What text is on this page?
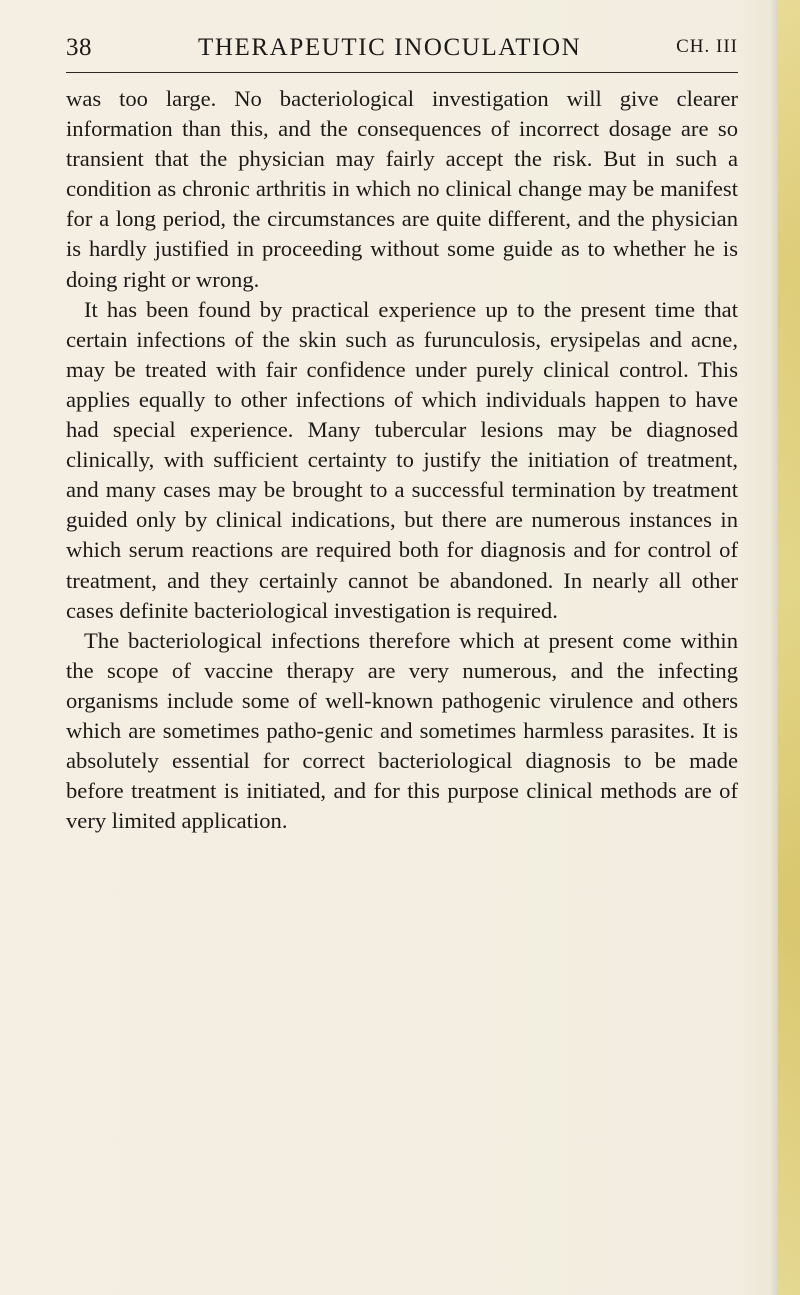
38	THERAPEUTIC INOCULATION	CH. III

was too large. No bacteriological investigation will give clearer information than this, and the consequences of incorrect dosage are so transient that the physician may fairly accept the risk. But in such a condition as chronic arthritis in which no clinical change may be manifest for a long period, the circumstances are quite different, and the physician is hardly justified in proceeding without some guide as to whether he is doing right or wrong.

It has been found by practical experience up to the present time that certain infections of the skin such as furunculosis, erysipelas and acne, may be treated with fair confidence under purely clinical control. This applies equally to other infections of which individuals happen to have had special experience. Many tubercular lesions may be diagnosed clinically, with sufficient certainty to justify the initiation of treatment, and many cases may be brought to a successful termination by treatment guided only by clinical indications, but there are numerous instances in which serum reactions are required both for diagnosis and for control of treatment, and they certainly cannot be abandoned. In nearly all other cases definite bacteriological investigation is required.

The bacteriological infections therefore which at present come within the scope of vaccine therapy are very numerous, and the infecting organisms include some of well-known pathogenic virulence and others which are sometimes patho-genic and sometimes harmless parasites. It is absolutely essential for correct bacteriological diagnosis to be made before treatment is initiated, and for this purpose clinical methods are of very limited application.
